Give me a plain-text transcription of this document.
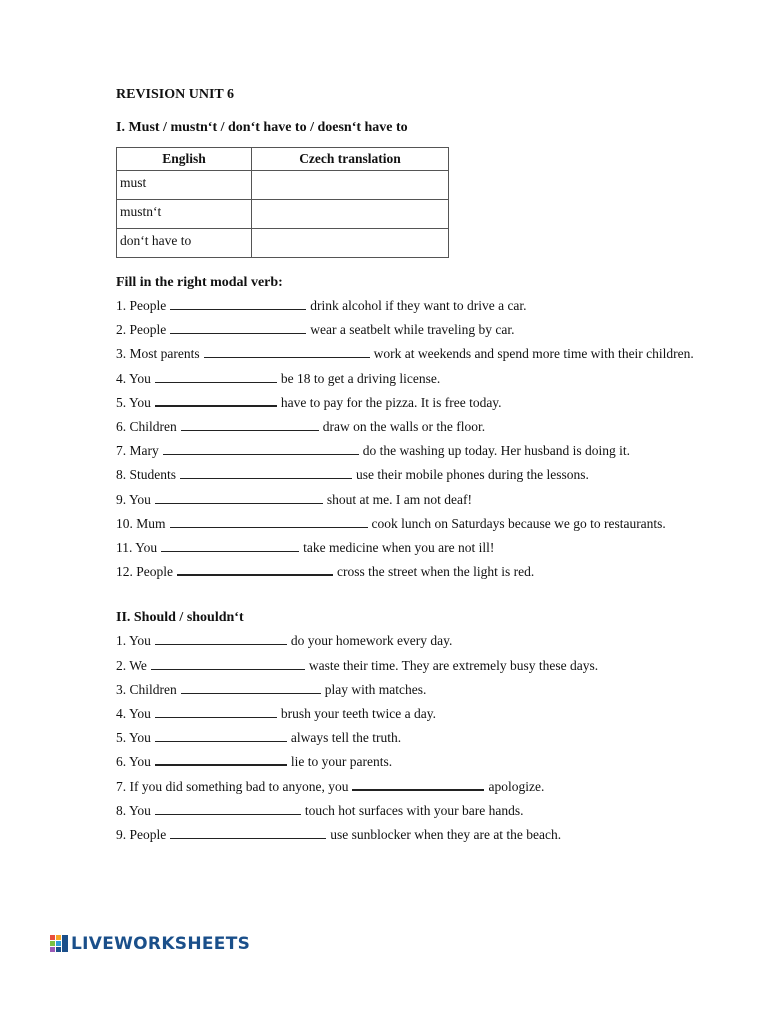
REVISION UNIT 6

I. Must / mustn‘t / don‘t have to / doesn‘t have to

English	Czech translation
must	
mustn‘t	
don‘t have to	

Fill in the right modal verb:

1. People	drink alcohol if they want to drive a car.
2. People	wear a seatbelt while traveling by car.
3. Most parents	work at weekends and spend more time with their children.
4. You	be 18 to get a driving license.
5. You	have to pay for the pizza. It is free today.
6. Children	draw on the walls or the floor.
7. Mary	do the washing up today. Her husband is doing it.
8. Students	use their mobile phones during the lessons.
9. You	shout at me. I am not deaf!
10. Mum	cook lunch on Saturdays because we go to restaurants.
11. You	take medicine when you are not ill!
12. People	cross the street when the light is red.

II. Should / shouldn‘t

1. You	do your homework every day.
2. We	waste their time. They are extremely busy these days.
3. Children	play with matches.
4. You	brush your teeth twice a day.
5. You	always tell the truth.
6. You	lie to your parents.
7. If you did something bad to anyone, you	apologize.
8. You	touch hot surfaces with your bare hands.
9. People	use sunblocker when they are at the beach.
LIVEWORKSHEETS
